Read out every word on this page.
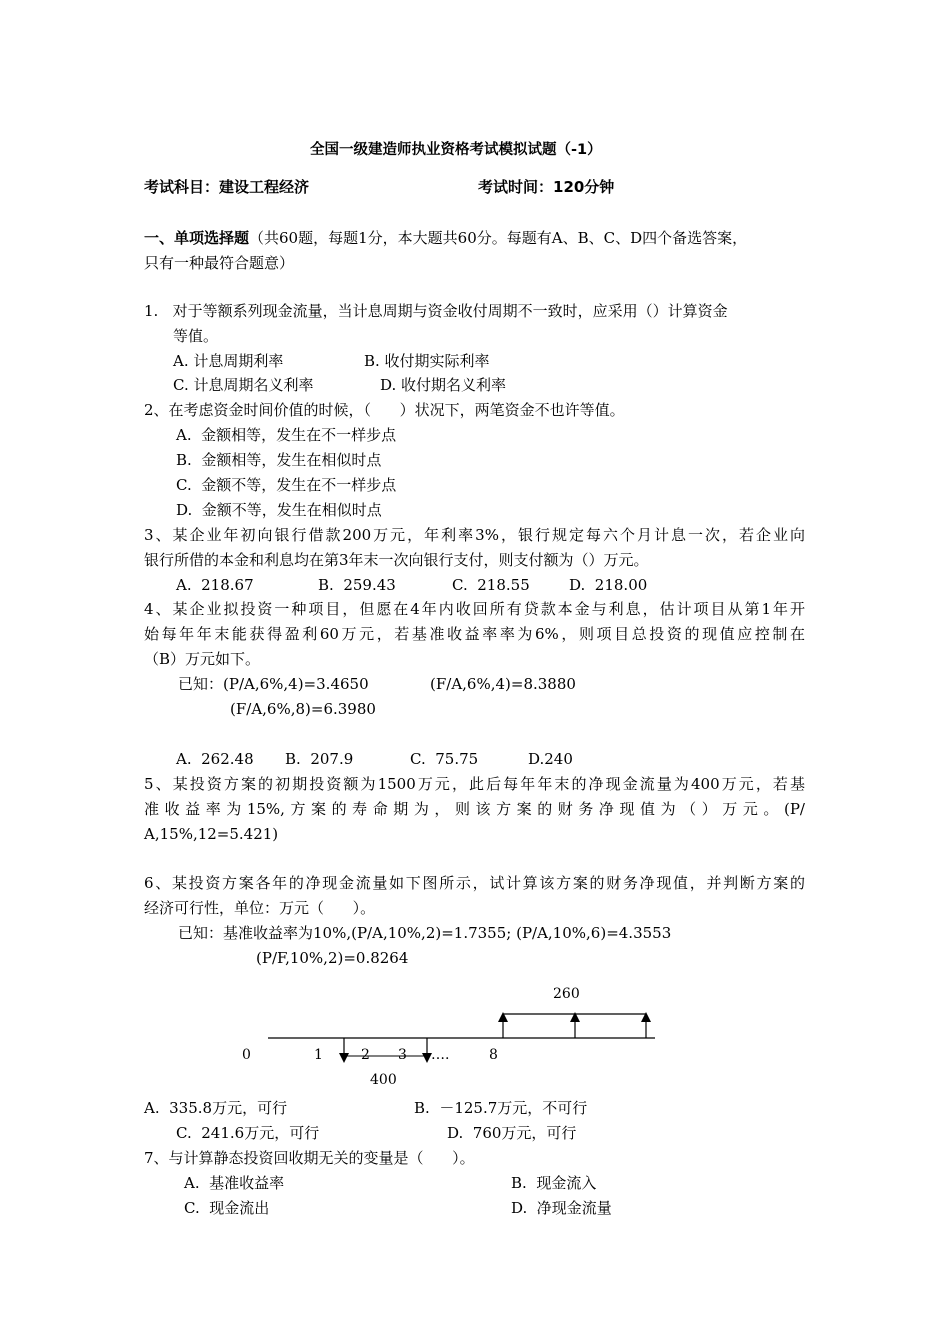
全国一级建造师执业资格考试模拟试题（-1）
考试科目：建设工程经济	考试时间：120分钟
一、单项选择题（共60题，每题1分，本大题共60分。每题有A、B、C、D四个备选答案，
只有一种最符合题意）
1.   对于等额系列现金流量，当计息周期与资金收付周期不一致时，应采用（）计算资金
等值。
A. 计息周期利率	B. 收付期实际利率
C. 计息周期名义利率	D. 收付期名义利率
2、在考虑资金时间价值的时候，（      ）状况下，两笔资金不也许等值。
A.  金额相等，发生在不一样步点
B.  金额相等，发生在相似时点
C.  金额不等，发生在不一样步点
D.  金额不等，发生在相似时点
3、某企业年初向银行借款200万元，年利率3%，银行规定每六个月计息一次，若企业向
银行所借的本金和利息均在第3年末一次向银行支付，则支付额为（）万元。
A.  218.67	B.  259.43	C.  218.55	D.  218.00
4、某企业拟投资一种项目，但愿在4年内收回所有贷款本金与利息，估计项目从第1年开
始每年年末能获得盈利60万元，若基准收益率率为6%，则项目总投资的现值应控制在
（B）万元如下。
已知：(P/A,6%,4)=3.4650	(F/A,6%,4)=8.3880
(F/A,6%,8)=6.3980
A.  262.48 B.  207.9	C.  75.75	D.240
5、某投资方案的初期投资额为1500万元，此后每年年末的净现金流量为400万元，若基
准收益率为15%,方案的寿命期为，则该方案的财务净现值为（）万元。(P/
A,15%,12=5.421)
6、某投资方案各年的净现金流量如下图所示，试计算该方案的财务净现值，并判断方案的
经济可行性，单位：万元（      ）。
已知：基准收益率为10%,(P/A,10%,2)=1.7355; (P/A,10%,6)=4.3553
(P/F,10%,2)=0.8264
260
0	1	2 3 ….	8
400
A.  335.8万元，可行	B.  －125.7万元，不可行
C.  241.6万元，可行	D.  760万元，可行
7、与计算静态投资回收期无关的变量是（      ）。
A.  基准收益率	B.  现金流入
C.  现金流出	D.  净现金流量
